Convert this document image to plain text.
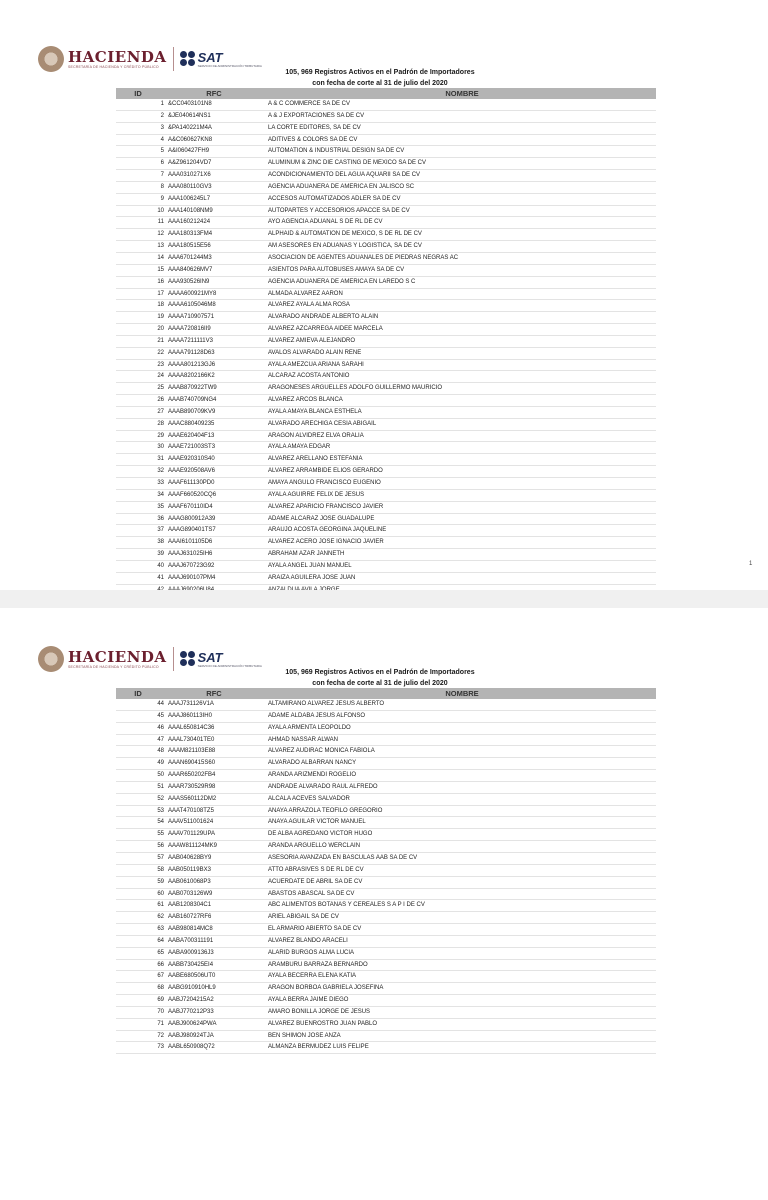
HACIENDA
SECRETARÍA DE HACIENDA Y CRÉDITO PÚBLICO
SAT
SERVICIO DE ADMINISTRACIÓN TRIBUTARIA
105, 969 Registros Activos en el Padrón de Importadores
con fecha de corte al 31 de julio del 2020
ID	RFC	NOMBRE
1 &CC0403101N8	A & C COMMERCE SA DE CV
2 &JE040614NS1	A & J EXPORTACIONES SA DE CV
3 &PA140221M4A	LA CORTE EDITORES, SA DE CV
4 A&C060627KN8	ADITIVES & COLORS SA DE CV
5 A&I060427FH9	AUTOMATION & INDUSTRIAL DESIGN SA DE CV
6 A&Z961204VD7	ALUMINUM & ZINC DIE CASTING DE MEXICO SA DE CV
7 AAA0310271X6	ACONDICIONAMIENTO DEL AGUA AQUARII SA DE CV
8 AAA080110GV3	AGENCIA ADUANERA DE AMERICA EN JALISCO SC
9 AAA1006245L7	ACCESOS AUTOMATIZADOS ADLER SA DE CV
10 AAA140108NM9	AUTOPARTES Y ACCESORIOS APACCE SA DE CV
11 AAA160212424	AYO AGENCIA ADUANAL S DE RL DE CV
12 AAA180313FM4	ALPHAID & AUTOMATION DE MEXICO, S DE RL DE CV
13 AAA180515E56	AM ASESORES EN ADUANAS Y LOGISTICA, SA DE CV
14 AAA6701244M3	ASOCIACION DE AGENTES ADUANALES DE PIEDRAS NEGRAS AC
15 AAA840626MV7	ASIENTOS PARA AUTOBUSES AMAYA SA DE CV
16 AAA930526IN9	AGENCIA ADUANERA DE AMERICA EN LAREDO S C
17 AAAA600921MY8	ALMADA ALVAREZ AARON
18 AAAA6105046M8	ALVAREZ AYALA ALMA ROSA
19 AAAA710907571	ALVARADO ANDRADE ALBERTO ALAIN
20 AAAA720816II9	ALVAREZ AZCARREGA AIDEE MARCELA
21 AAAA7211111V3	ALVAREZ AMIEVA ALEJANDRO
22 AAAA791128D63	AVALOS ALVARADO ALAIN RENE
23 AAAA801213GJ6	AYALA AMEZCUA ARIANA SARAHI
24 AAAA8202166K2	ALCARAZ ACOSTA ANTONIO
25 AAAB870922TW9	ARAGONESES ARGUELLES ADOLFO GUILLERMO MAURICIO
26 AAAB740709NG4	ALVAREZ ARCOS BLANCA
27 AAAB890709KV9	AYALA AMAYA BLANCA ESTHELA
28 AAAC880409235	ALVARADO ARECHIGA CESIA ABIGAIL
29 AAAE620404F13	ARAGON ALVIDREZ ELVA ORALIA
30 AAAE721003ST3	AYALA AMAYA EDGAR
31 AAAE920310S40	ALVAREZ ARELLANO ESTEFANIA
32 AAAE920508AV6	ALVAREZ ARRAMBIDE ELIOS GERARDO
33 AAAF611130PD0	AMAYA ANGULO FRANCISCO EUGENIO
34 AAAF660520CQ6	AYALA AGUIRRE FELIX DE JESUS
35 AAAF670110ID4	ALVAREZ APARICIO FRANCISCO JAVIER
36 AAAG800912A39	ADAME ALCARAZ JOSE GUADALUPE
37 AAAG890401TS7	ARAUJO ACOSTA GEORGINA JAQUELINE
38 AAAI6101105D6	ALVAREZ ACERO JOSE IGNACIO JAVIER
39 AAAJ631025IH6	ABRAHAM AZAR JANNETH
40 AAAJ670723G92	AYALA ANGEL JUAN MANUEL
41 AAAJ690107PM4	ARAIZA AGUILERA JOSE JUAN
1
HACIENDA
SECRETARÍA DE HACIENDA Y CRÉDITO PÚBLICO
SAT
SERVICIO DE ADMINISTRACIÓN TRIBUTARIA
105, 969 Registros Activos en el Padrón de Importadores
con fecha de corte al 31 de julio del 2020
ID	RFC	NOMBRE
44 AAAJ731126V1A	ALTAMIRANO ALVAREZ JESUS ALBERTO
45 AAAJ860113IH0	ADAME ALDABA JESUS ALFONSO
46 AAAL650814C36	AYALA ARMENTA LEOPOLDO
47 AAAL730401TE0	AHMAD NASSAR ALWAN
48 AAAM821103E88	ALVAREZ AUDIRAC MONICA FABIOLA
49 AAAN690415S60	ALVARADO ALBARRAN NANCY
50 AAAR650202FB4	ARANDA ARIZMENDI ROGELIO
51 AAAR730529R98	ANDRADE ALVARADO RAUL ALFREDO
52 AAAS560112DM2	ALCALA ACEVES SALVADOR
53 AAAT470108TZ5	ANAYA ARRAZOLA TEOFILO GREGORIO
54 AAAV511001624	ANAYA AGUILAR VICTOR MANUEL
55 AAAV701129UPA	DE ALBA AGREDANO VICTOR HUGO
56 AAAW811124MK9	ARANDA ARGUELLO WERCLAIN
57 AAB040628BY9	ASESORIA AVANZADA EN BASCULAS AAB SA DE CV
58 AAB050119BX3	ATTO ABRASIVES S DE RL DE CV
59 AAB0610068P3	ACUERDATE DE ABRIL SA DE CV
60 AAB0703126W9	ABASTOS ABASCAL SA DE CV
61 AAB1208304C1	ABC ALIMENTOS BOTANAS Y CEREALES S A P I DE CV
62 AAB160727RF6	ARIEL ABIGAIL SA DE CV
63 AAB980814MC8	EL ARMARIO ABIERTO SA DE CV
64 AABA700311191	ALVAREZ BLANDO ARACELI
65 AABA9009136J3	ALARID BURGOS ALMA LUCIA
66 AABB730425EI4	ARAMBURU BARRAZA BERNARDO
67 AABE680506UT0	AYALA BECERRA ELENA KATIA
68 AABG910910HL9	ARAGON BORBOA GABRIELA JOSEFINA
69 AABJ7204215A2	AYALA BERRA JAIME DIEGO
70 AABJ770212P33	AMARO BONILLA JORGE DE JESUS
71 AABJ900624PWA	ALVAREZ BUENROSTRO JUAN PABLO
72 AABJ980924TJA	BEN SHIMON JOSE ANZA
73 AABL650908Q72	ALMANZA BERMUDEZ LUIS FELIPE
